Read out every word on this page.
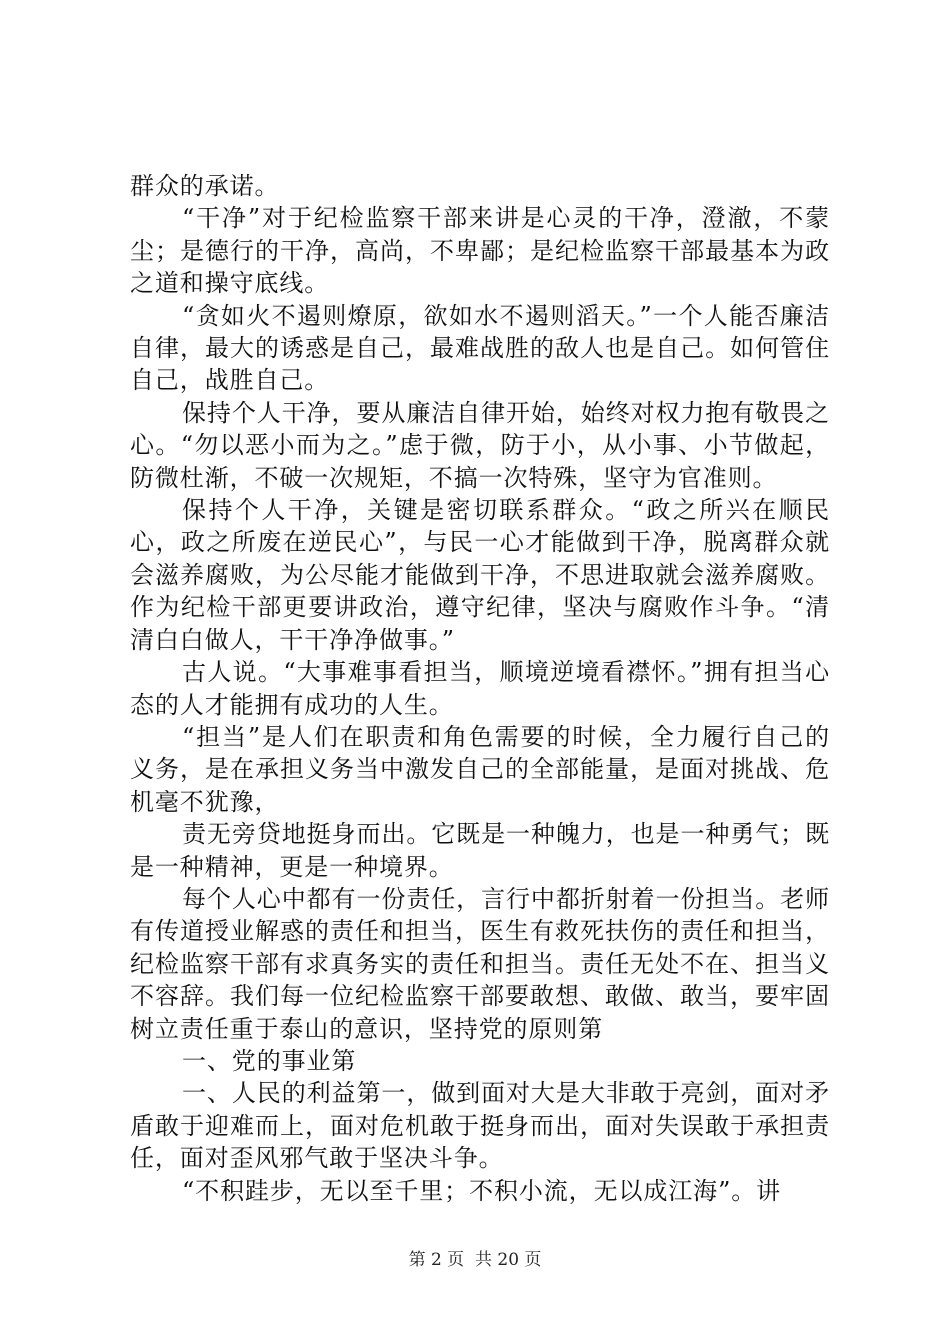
群众的承诺。

“干净”对于纪检监察干部来讲是心灵的干净，澄澈，不蒙尘；是德行的干净，高尚，不卑鄙；是纪检监察干部最基本为政之道和操守底线。

“贪如火不遏则燎原，欲如水不遏则滔天。”一个人能否廉洁自律，最大的诱惑是自己，最难战胜的敌人也是自己。如何管住自己，战胜自己。

保持个人干净，要从廉洁自律开始，始终对权力抱有敬畏之心。“勿以恶小而为之。”虑于微，防于小，从小事、小节做起，防微杜渐，不破一次规矩，不搞一次特殊，坚守为官准则。

保持个人干净，关键是密切联系群众。“政之所兴在顺民心，政之所废在逆民心”，与民一心才能做到干净，脱离群众就会滋养腐败，为公尽能才能做到干净，不思进取就会滋养腐败。作为纪检干部更要讲政治，遵守纪律，坚决与腐败作斗争。“清清白白做人，干干净净做事。”

古人说。“大事难事看担当，顺境逆境看襟怀。”拥有担当心态的人才能拥有成功的人生。

“担当”是人们在职责和角色需要的时候，全力履行自己的义务，是在承担义务当中激发自己的全部能量，是面对挑战、危机毫不犹豫，

责无旁贷地挺身而出。它既是一种魄力，也是一种勇气；既是一种精神，更是一种境界。

每个人心中都有一份责任，言行中都折射着一份担当。老师有传道授业解惑的责任和担当，医生有救死扶伤的责任和担当，纪检监察干部有求真务实的责任和担当。责任无处不在、担当义不容辞。我们每一位纪检监察干部要敢想、敢做、敢当，要牢固树立责任重于泰山的意识，坚持党的原则第

一、党的事业第

一、人民的利益第一，做到面对大是大非敢于亮剑，面对矛盾敢于迎难而上，面对危机敢于挺身而出，面对失误敢于承担责任，面对歪风邪气敢于坚决斗争。

“不积跬步，无以至千里；不积小流，无以成江海”。讲

第 2 页  共 20 页
